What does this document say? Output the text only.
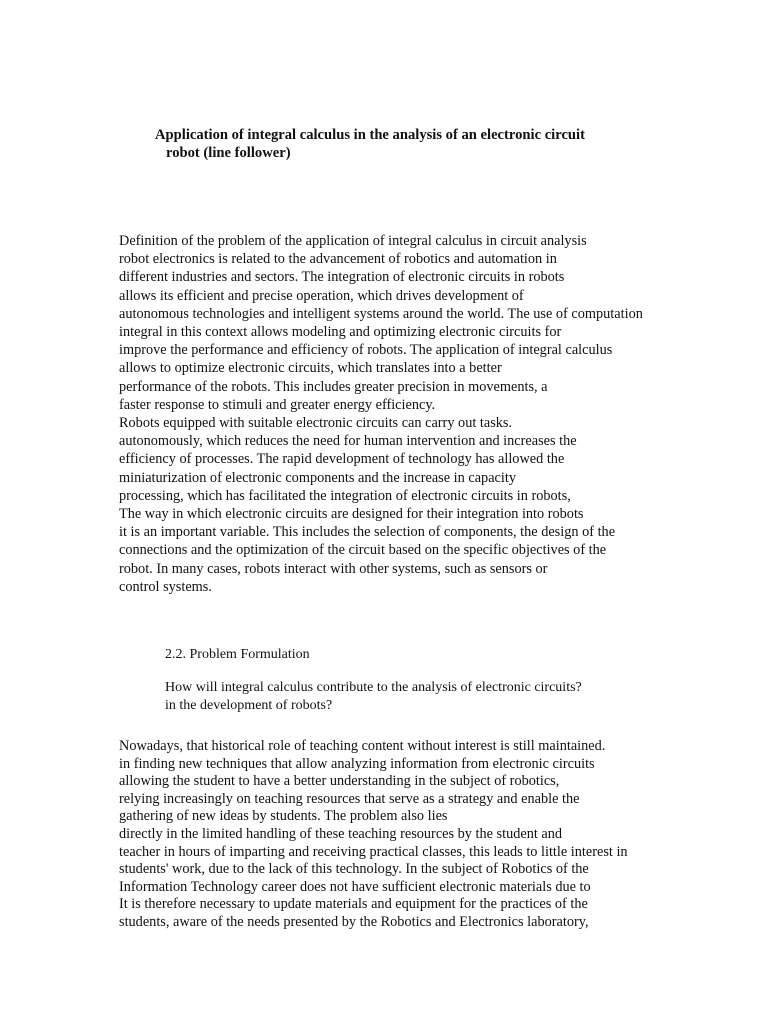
Application of integral calculus in the analysis of an electronic circuit
robot (line follower)
Definition of the problem of the application of integral calculus in circuit analysis
robot electronics is related to the advancement of robotics and automation in
different industries and sectors. The integration of electronic circuits in robots
allows its efficient and precise operation, which drives development of
autonomous technologies and intelligent systems around the world. The use of computation
integral in this context allows modeling and optimizing electronic circuits for
improve the performance and efficiency of robots. The application of integral calculus
allows to optimize electronic circuits, which translates into a better
performance of the robots. This includes greater precision in movements, a
faster response to stimuli and greater energy efficiency.
Robots equipped with suitable electronic circuits can carry out tasks.
autonomously, which reduces the need for human intervention and increases the
efficiency of processes. The rapid development of technology has allowed the
miniaturization of electronic components and the increase in capacity
processing, which has facilitated the integration of electronic circuits in robots,
The way in which electronic circuits are designed for their integration into robots
it is an important variable. This includes the selection of components, the design of the
connections and the optimization of the circuit based on the specific objectives of the
robot. In many cases, robots interact with other systems, such as sensors or
control systems.
2.2. Problem Formulation
How will integral calculus contribute to the analysis of electronic circuits?
in the development of robots?
Nowadays, that historical role of teaching content without interest is still maintained.
in finding new techniques that allow analyzing information from electronic circuits
allowing the student to have a better understanding in the subject of robotics,
relying increasingly on teaching resources that serve as a strategy and enable the
gathering of new ideas by students. The problem also lies
directly in the limited handling of these teaching resources by the student and
teacher in hours of imparting and receiving practical classes, this leads to little interest in
students' work, due to the lack of this technology. In the subject of Robotics of the
Information Technology career does not have sufficient electronic materials due to
It is therefore necessary to update materials and equipment for the practices of the
students, aware of the needs presented by the Robotics and Electronics laboratory,
